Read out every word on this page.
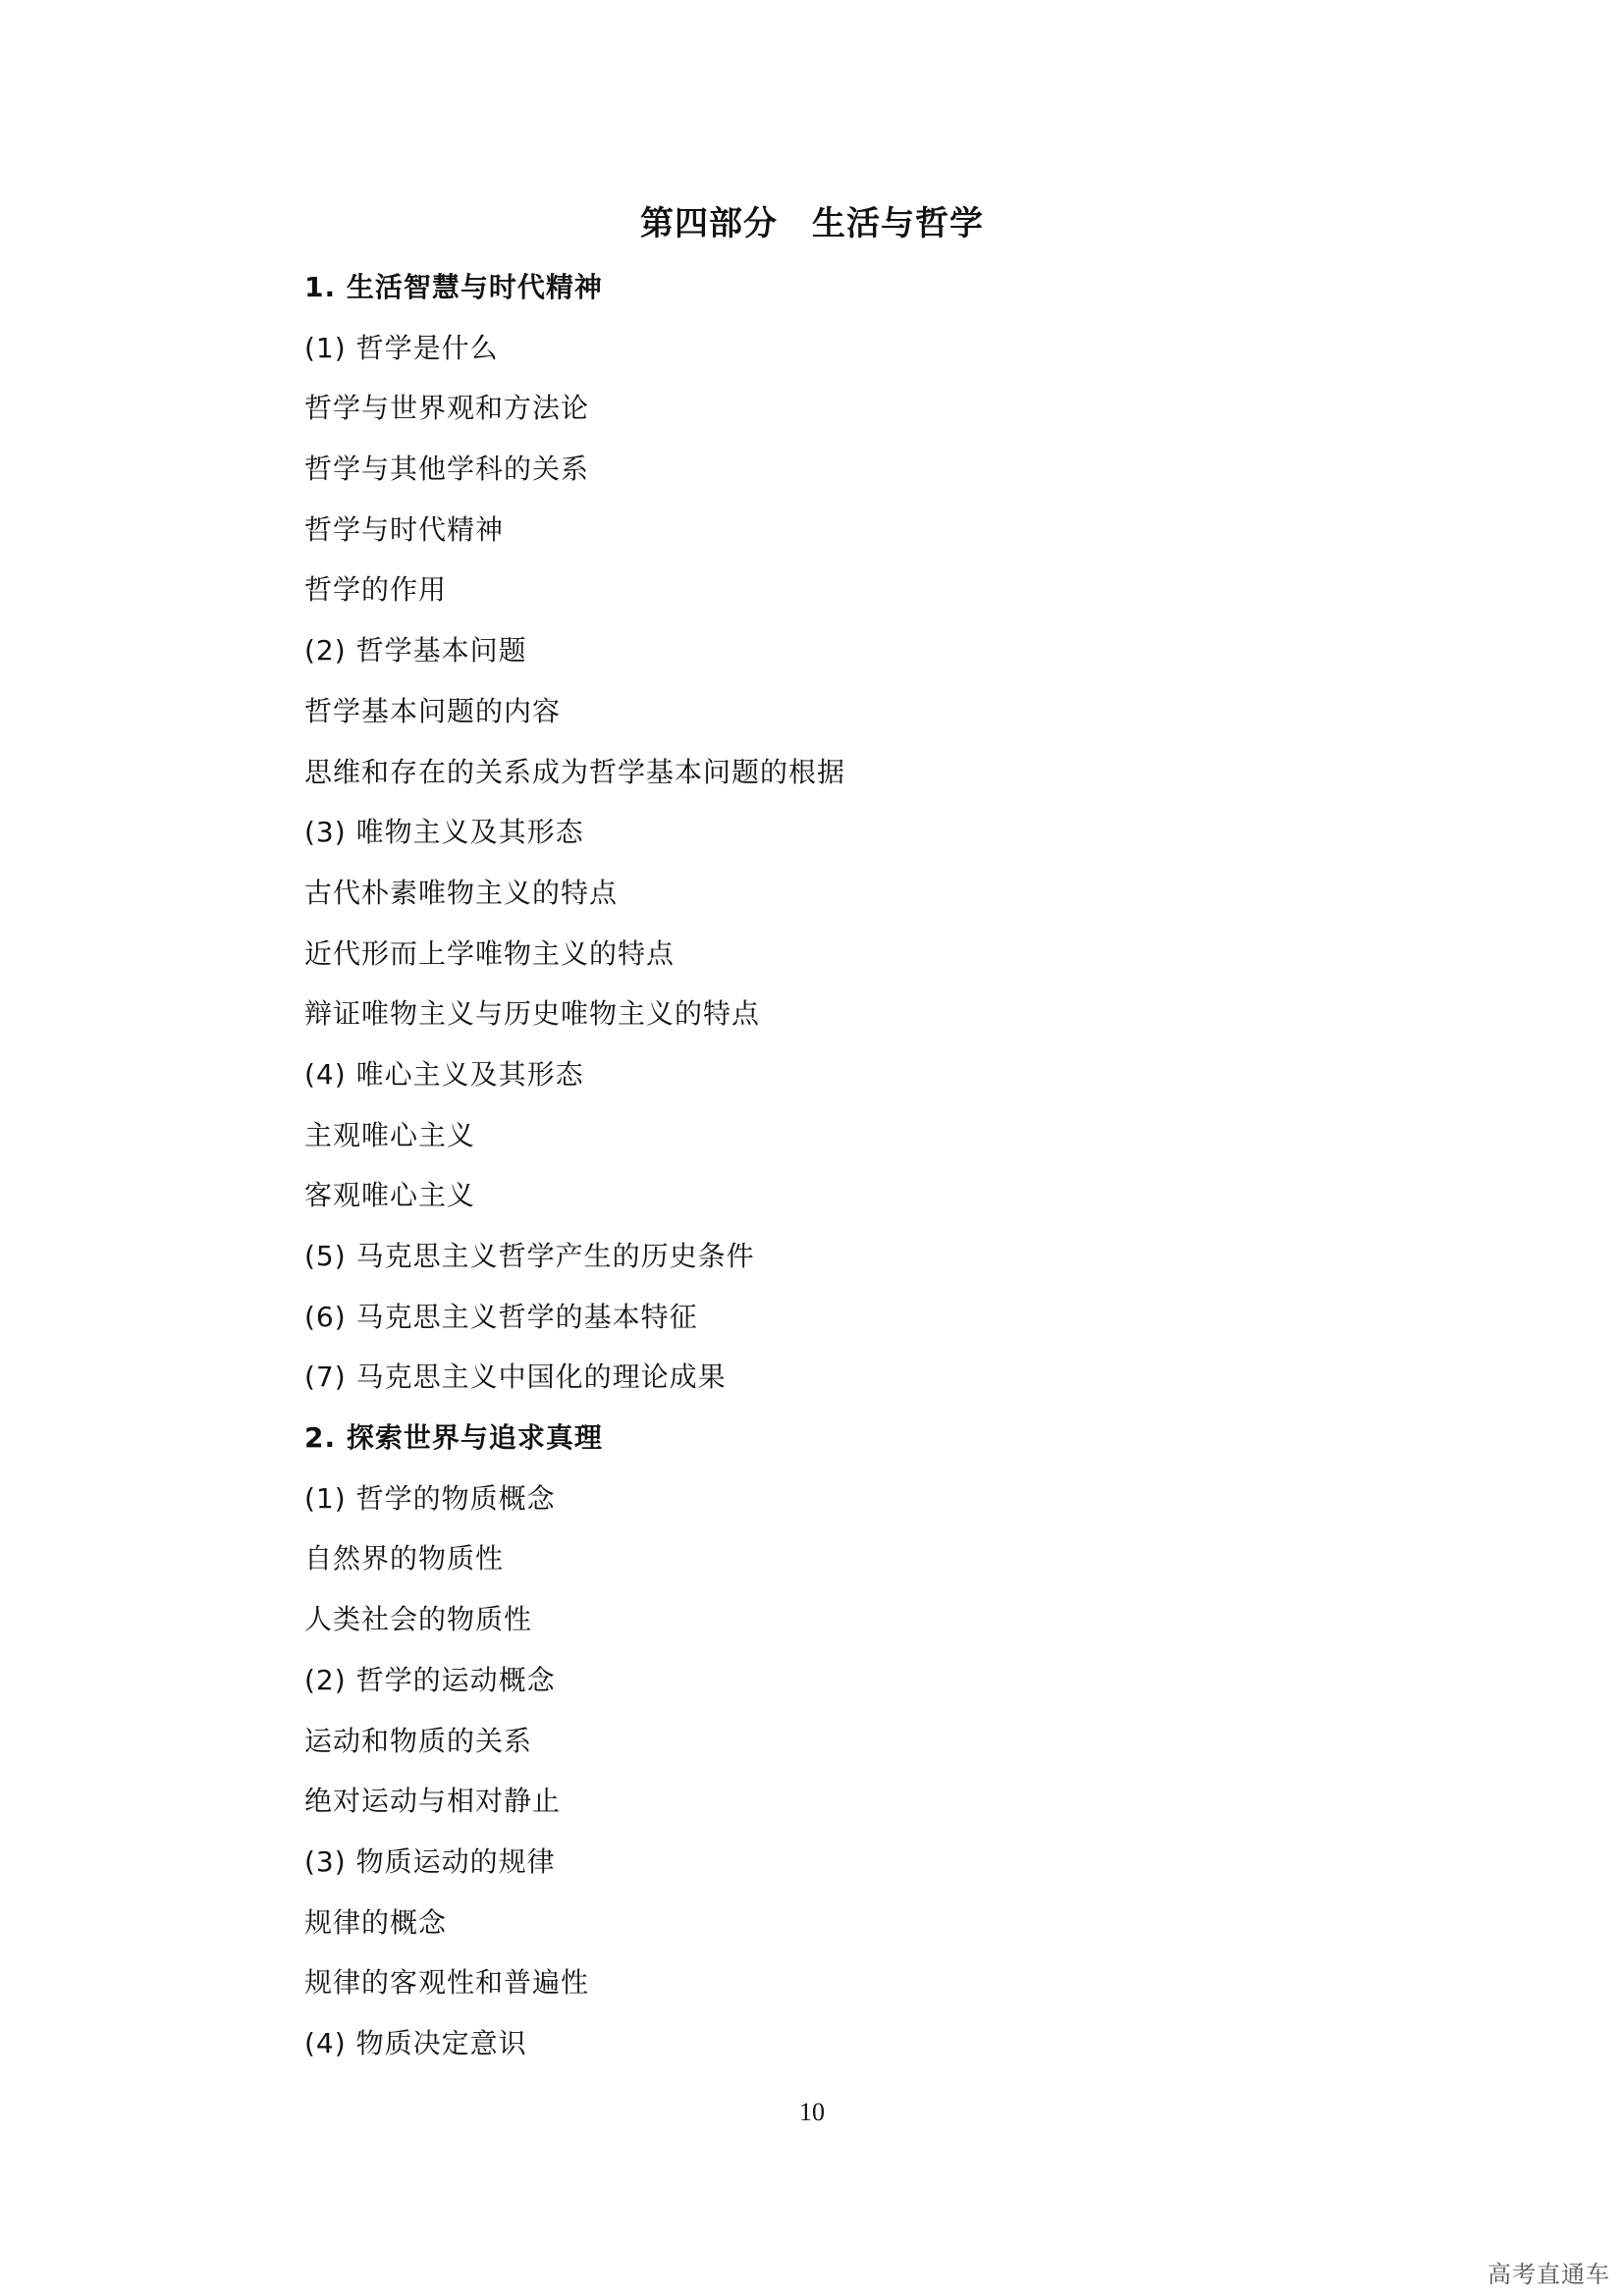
第四部分　生活与哲学
1. 生活智慧与时代精神
(1) 哲学是什么
哲学与世界观和方法论
哲学与其他学科的关系
哲学与时代精神
哲学的作用
(2) 哲学基本问题
哲学基本问题的内容
思维和存在的关系成为哲学基本问题的根据
(3) 唯物主义及其形态
古代朴素唯物主义的特点
近代形而上学唯物主义的特点
辩证唯物主义与历史唯物主义的特点
(4) 唯心主义及其形态
主观唯心主义
客观唯心主义
(5) 马克思主义哲学产生的历史条件
(6) 马克思主义哲学的基本特征
(7) 马克思主义中国化的理论成果
2. 探索世界与追求真理
(1) 哲学的物质概念
自然界的物质性
人类社会的物质性
(2) 哲学的运动概念
运动和物质的关系
绝对运动与相对静止
(3) 物质运动的规律
规律的概念
规律的客观性和普遍性
(4) 物质决定意识
10
高考直通车
